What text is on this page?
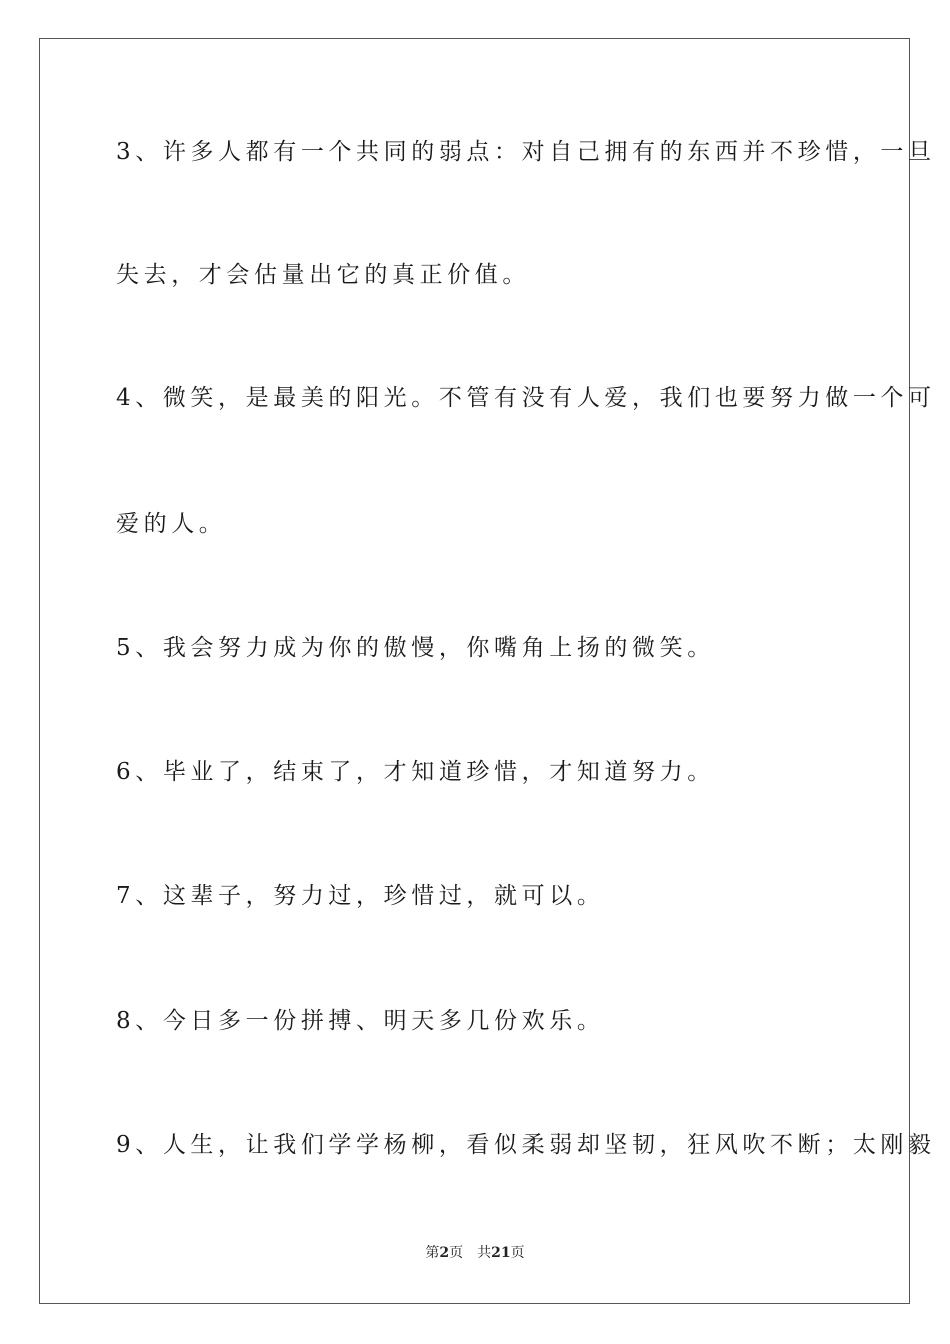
3、许多人都有一个共同的弱点：对自己拥有的东西并不珍惜，一旦
失去，才会估量出它的真正价值。
4、微笑，是最美的阳光。不管有没有人爱，我们也要努力做一个可
爱的人。
5、我会努力成为你的傲慢，你嘴角上扬的微笑。
6、毕业了，结束了，才知道珍惜，才知道努力。
7、这辈子，努力过，珍惜过，就可以。
8、今日多一份拼搏、明天多几份欢乐。
9、人生，让我们学学杨柳，看似柔弱却坚韧，狂风吹不断；太刚毅
第2页 共21页
